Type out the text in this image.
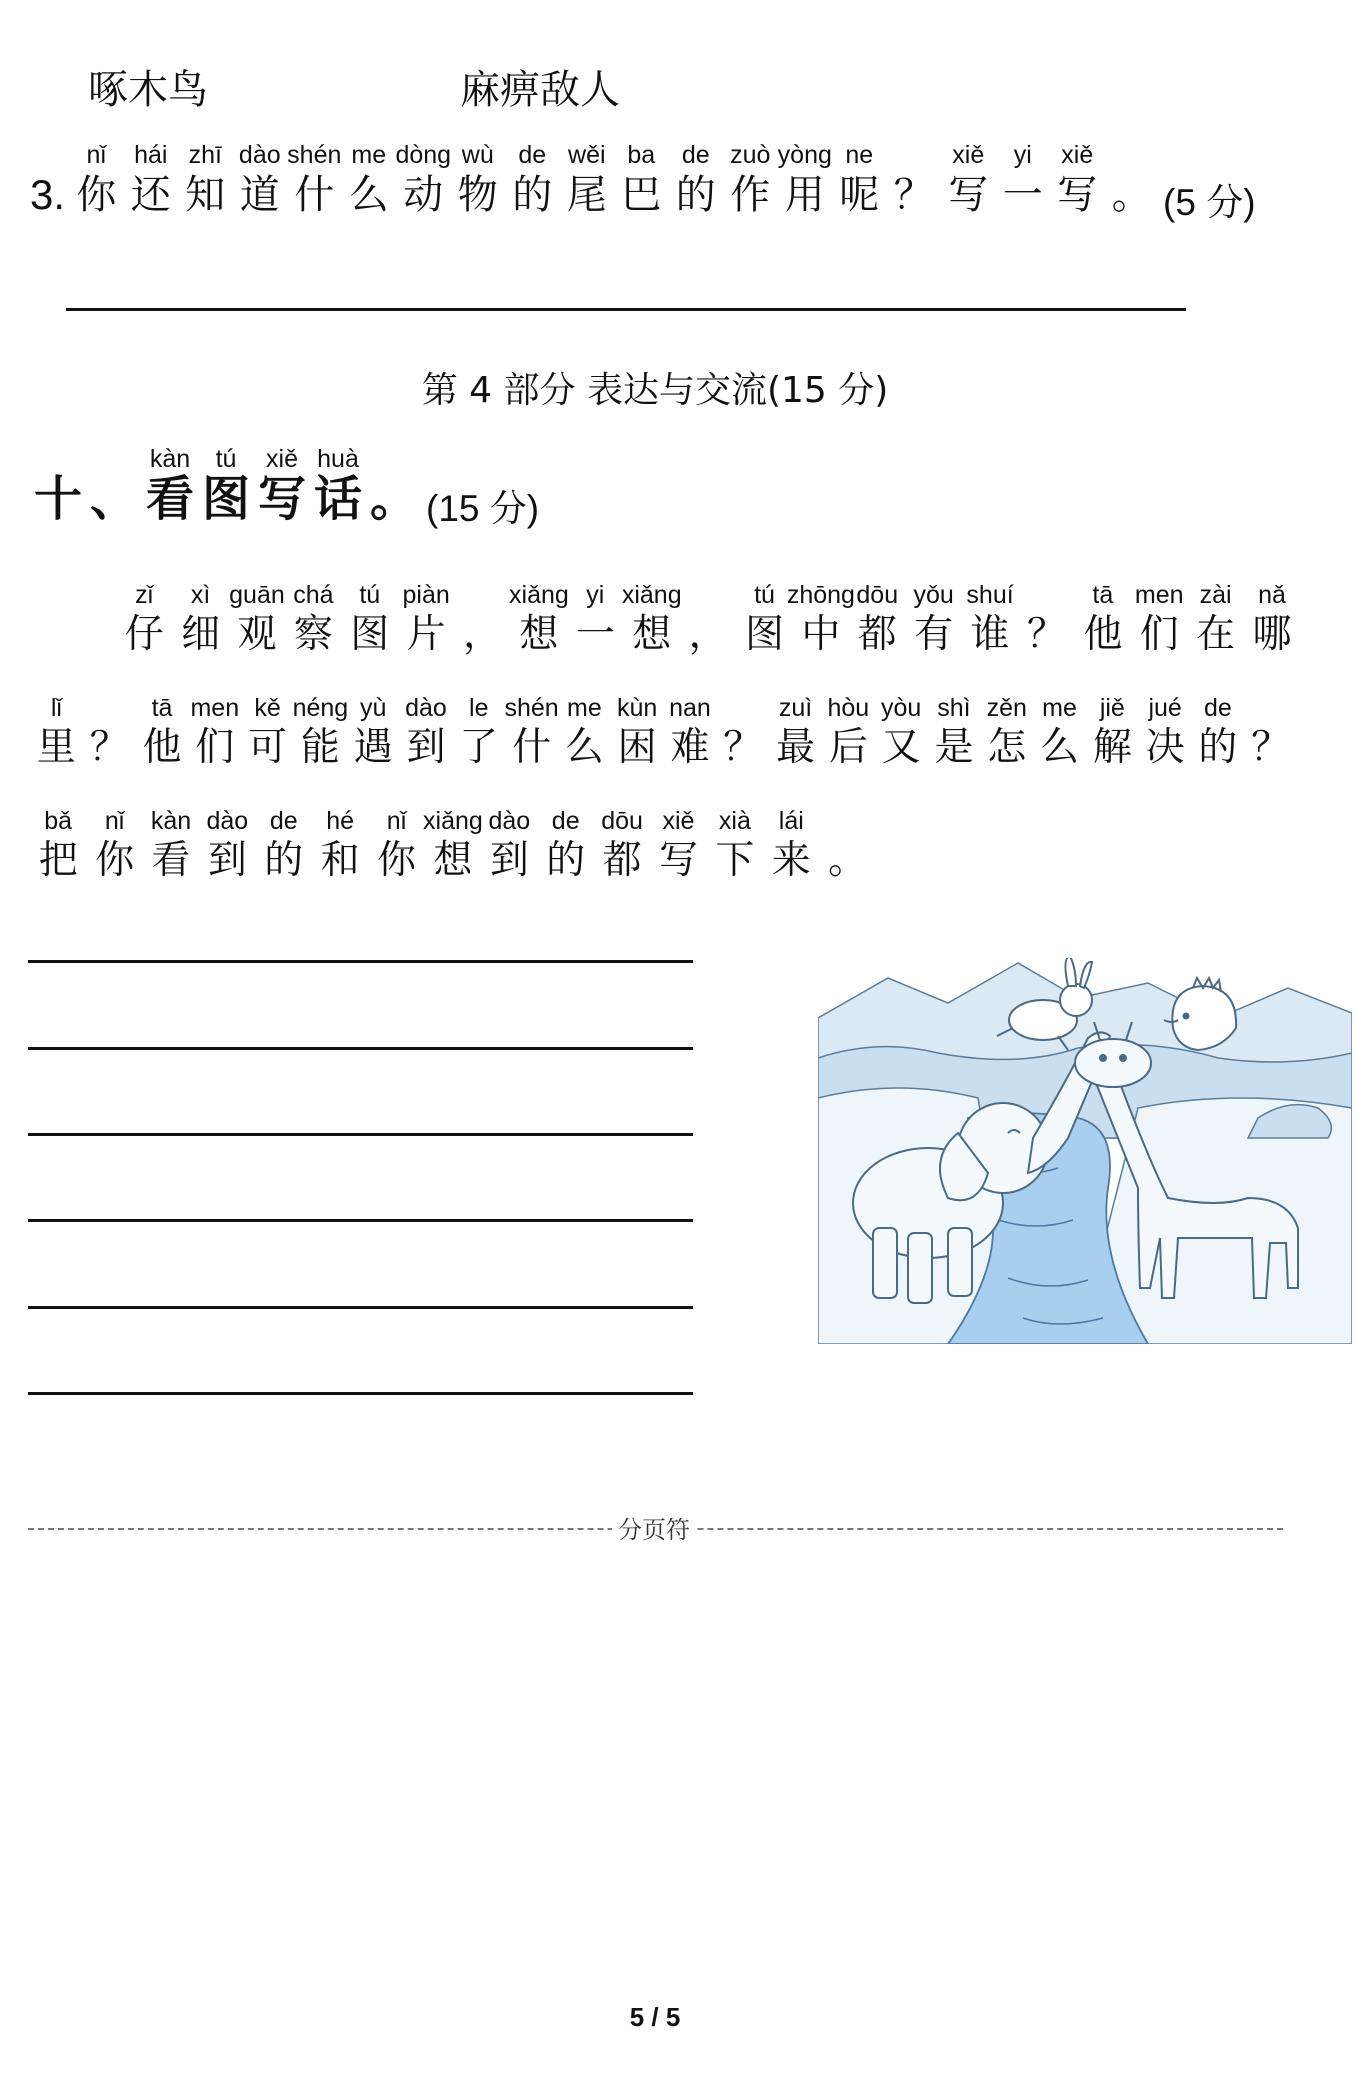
啄木鸟	麻痹敌人
3.
nǐ
你
hái
还
zhī
知
dào
道
shén
什
me
么
dòng
动
wù
物
de
的
wěi
尾
ba
巴
de
的
zuò
作
yòng
用
ne
呢
？
xiě
写
yi
一
xiě
写
。 (5 分)
第 4 部分 表达与交流(15 分)

十
、
kàn
看
tú
图
xiě
写
huà
话
。 (15 分)
zǐ
仔
xì
细
guān
观
chá
察
tú
图
piàn
片
，
xiǎng
想
yi
一
xiǎng
想
，
tú
图
zhōng
中
dōu
都
yǒu
有
shuí
谁
？
tā
他
men
们
zài
在
nǎ
哪
lǐ
里
？
tā
他
men
们
kě
可
néng
能
yù
遇
dào
到
le
了
shén
什
me
么
kùn
困
nan
难
？
zuì
最
hòu
后
yòu
又
shì
是
zěn
怎
me
么
jiě
解
jué
决
de
的
？
bǎ
把
nǐ
你
kàn
看
dào
到
de
的
hé
和
nǐ
你
xiǎng
想
dào
到
de
的
dōu
都
xiě
写
xià
下
lái
来
。
分页符
5 / 5
